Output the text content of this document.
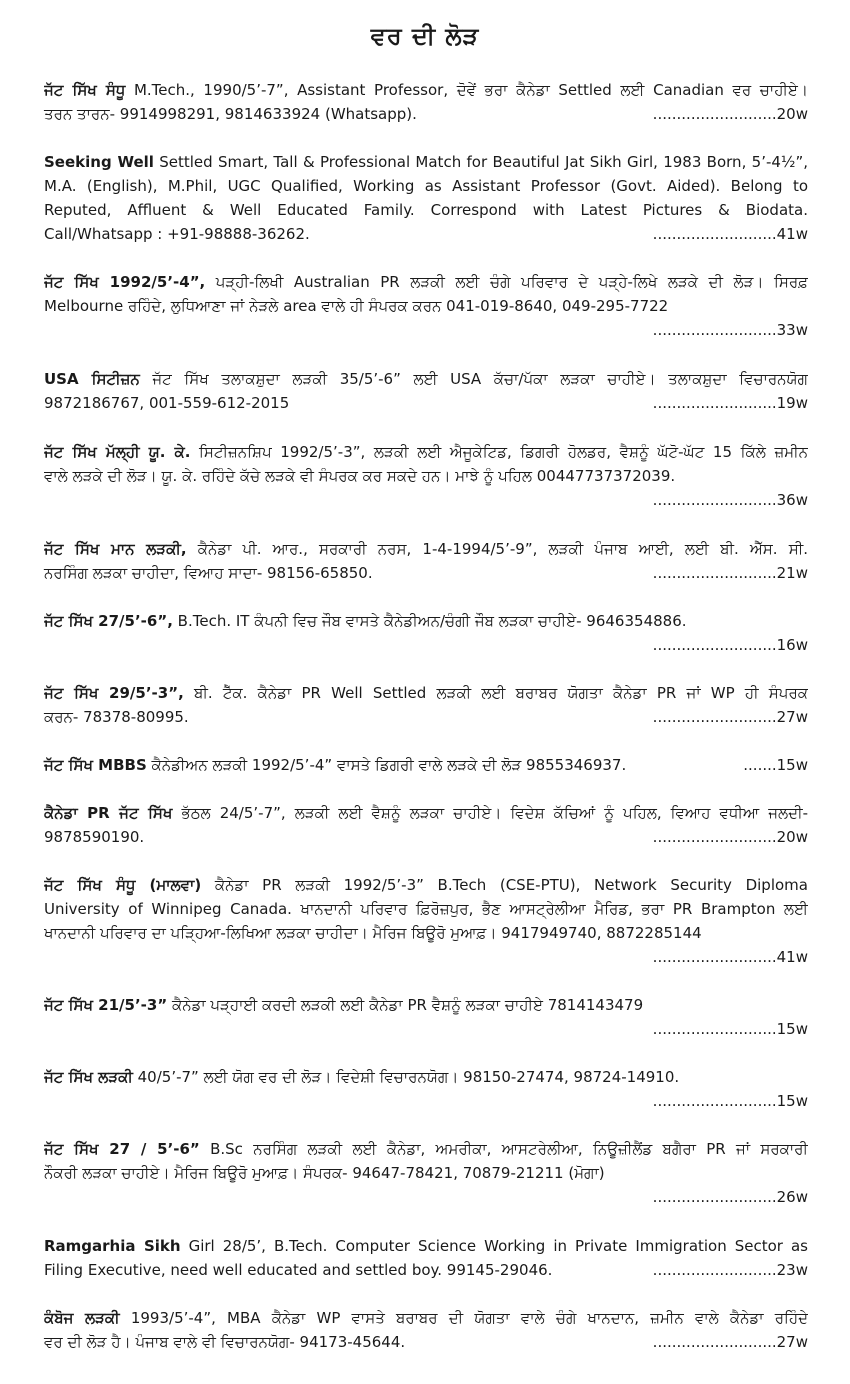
ਵਰ ਦੀ ਲੋੜ
ਜੱਟ ਸਿੱਖ ਸੰਧੂ M.Tech., 1990/5’-7”, Assistant Professor, ਦੋਵੇਂ ਭਰਾ ਕੈਨੇਡਾ Settled ਲਈ Canadian ਵਰ ਚਾਹੀਏ।
ਤਰਨ ਤਾਰਨ- 9914998291, 9814633924 (Whatsapp).	..........................20w
Seeking Well Settled Smart, Tall & Professional Match for Beautiful Jat Sikh Girl, 1983 Born, 5’-4½”,
M.A. (English), M.Phil, UGC Qualified, Working as Assistant Professor (Govt. Aided). Belong to
Reputed, Affluent & Well Educated Family. Correspond with Latest Pictures & Biodata.
Call/Whatsapp : +91-98888-36262.	..........................41w
ਜੱਟ ਸਿੱਖ 1992/5’-4”, ਪੜ੍ਹੀ-ਲਿਖੀ Australian PR ਲੜਕੀ ਲਈ ਚੰਗੇ ਪਰਿਵਾਰ ਦੇ ਪੜ੍ਹੇ-ਲਿਖੇ ਲੜਕੇ ਦੀ ਲੋੜ। ਸਿਰਫ਼
Melbourne ਰਹਿੰਦੇ, ਲੁਧਿਆਣਾ ਜਾਂ ਨੇੜਲੇ area ਵਾਲੇ ਹੀ ਸੰਪਰਕ ਕਰਨ 041-019-8640, 049-295-7722
..........................33w
USA ਸਿਟੀਜ਼ਨ ਜੱਟ ਸਿੱਖ ਤਲਾਕਸ਼ੁਦਾ ਲੜਕੀ 35/5’-6” ਲਈ USA ਕੱਚਾ/ਪੱਕਾ ਲੜਕਾ ਚਾਹੀਏ। ਤਲਾਕਸ਼ੁਦਾ ਵਿਚਾਰਨਯੋਗ
9872186767, 001-559-612-2015	..........................19w
ਜੱਟ ਸਿੱਖ ਮੱਲ੍ਹੀ ਯੂ. ਕੇ. ਸਿਟੀਜ਼ਨਸ਼ਿਪ 1992/5’-3”, ਲੜਕੀ ਲਈ ਐਜੂਕੇਟਿਡ, ਡਿਗਰੀ ਹੋਲਡਰ, ਵੈਸ਼ਨੂੰ ਘੱਟੋ-ਘੱਟ 15 ਕਿੱਲੇ ਜ਼ਮੀਨ
ਵਾਲੇ ਲੜਕੇ ਦੀ ਲੋੜ। ਯੂ. ਕੇ. ਰਹਿੰਦੇ ਕੱਚੇ ਲੜਕੇ ਵੀ ਸੰਪਰਕ ਕਰ ਸਕਦੇ ਹਨ। ਮਾਝੇ ਨੂੰ ਪਹਿਲ 00447737372039.
..........................36w
ਜੱਟ ਸਿੱਖ ਮਾਨ ਲੜਕੀ, ਕੈਨੇਡਾ ਪੀ. ਆਰ., ਸਰਕਾਰੀ ਨਰਸ, 1-4-1994/5’-9”, ਲੜਕੀ ਪੰਜਾਬ ਆਈ, ਲਈ ਬੀ. ਐੱਸ. ਸੀ.
ਨਰਸਿੰਗ ਲੜਕਾ ਚਾਹੀਦਾ, ਵਿਆਹ ਸਾਦਾ- 98156-65850.	..........................21w
ਜੱਟ ਸਿੱਖ 27/5’-6”, B.Tech. IT ਕੰਪਨੀ ਵਿਚ ਜੌਬ ਵਾਸਤੇ ਕੈਨੇਡੀਅਨ/ਚੰਗੀ ਜੌਬ ਲੜਕਾ ਚਾਹੀਏ- 9646354886.
..........................16w
ਜੱਟ ਸਿੱਖ 29/5’-3”, ਬੀ. ਟੈੱਕ. ਕੈਨੇਡਾ PR Well Settled ਲੜਕੀ ਲਈ ਬਰਾਬਰ ਯੋਗਤਾ ਕੈਨੇਡਾ PR ਜਾਂ WP ਹੀ ਸੰਪਰਕ
ਕਰਨ- 78378-80995.	..........................27w
ਜੱਟ ਸਿੱਖ MBBS ਕੈਨੇਡੀਅਨ ਲੜਕੀ 1992/5’-4” ਵਾਸਤੇ ਡਿਗਰੀ ਵਾਲੇ ਲੜਕੇ ਦੀ ਲੋੜ 9855346937.	.......15w
ਕੈਨੇਡਾ PR ਜੱਟ ਸਿੱਖ ਭੱਠਲ 24/5’-7”, ਲੜਕੀ ਲਈ ਵੈਸ਼ਨੂੰ ਲੜਕਾ ਚਾਹੀਏ। ਵਿਦੇਸ਼ ਕੱਚਿਆਂ ਨੂੰ ਪਹਿਲ, ਵਿਆਹ ਵਧੀਆ ਜਲਦੀ-
9878590190.	..........................20w
ਜੱਟ ਸਿੱਖ ਸੰਧੂ (ਮਾਲਵਾ) ਕੈਨੇਡਾ PR ਲੜਕੀ 1992/5’-3” B.Tech (CSE-PTU), Network Security Diploma
University of Winnipeg Canada. ਖਾਨਦਾਨੀ ਪਰਿਵਾਰ ਫ਼ਿਰੋਜ਼ਪੁਰ, ਭੈਣ ਆਸਟ੍ਰੇਲੀਆ ਮੈਰਿਡ, ਭਰਾ PR Brampton ਲਈ
ਖਾਨਦਾਨੀ ਪਰਿਵਾਰ ਦਾ ਪੜ੍ਹਿਆ-ਲਿਖਿਆ ਲੜਕਾ ਚਾਹੀਦਾ। ਮੈਰਿਜ ਬਿਊਰੋ ਮੁਆਫ਼। 9417949740, 8872285144
..........................41w
ਜੱਟ ਸਿੱਖ 21/5’-3” ਕੈਨੇਡਾ ਪੜ੍ਹਾਈ ਕਰਦੀ ਲੜਕੀ ਲਈ ਕੈਨੇਡਾ PR ਵੈਸ਼ਨੂੰ ਲੜਕਾ ਚਾਹੀਏ 7814143479
..........................15w
ਜੱਟ ਸਿੱਖ ਲੜਕੀ 40/5’-7” ਲਈ ਯੋਗ ਵਰ ਦੀ ਲੋੜ। ਵਿਦੇਸ਼ੀ ਵਿਚਾਰਨਯੋਗ। 98150-27474, 98724-14910.
..........................15w
ਜੱਟ ਸਿੱਖ 27 / 5’-6” B.Sc ਨਰਸਿੰਗ ਲੜਕੀ ਲਈ ਕੈਨੇਡਾ, ਅਮਰੀਕਾ, ਆਸਟਰੇਲੀਆ, ਨਿਊਜ਼ੀਲੈਂਡ ਬਗੈਰਾ PR ਜਾਂ ਸਰਕਾਰੀ
ਨੌਕਰੀ ਲੜਕਾ ਚਾਹੀਏ। ਮੈਰਿਜ ਬਿਊਰੋ ਮੁਆਫ਼। ਸੰਪਰਕ- 94647-78421, 70879-21211 (ਮੋਗਾ)
..........................26w
Ramgarhia Sikh Girl 28/5’, B.Tech. Computer Science Working in Private Immigration Sector as
Filing Executive, need well educated and settled boy. 99145-29046.	..........................23w
ਕੰਬੋਜ ਲੜਕੀ 1993/5’-4”, MBA ਕੈਨੇਡਾ WP ਵਾਸਤੇ ਬਰਾਬਰ ਦੀ ਯੋਗਤਾ ਵਾਲੇ ਚੰਗੇ ਖਾਨਦਾਨ, ਜ਼ਮੀਨ ਵਾਲੇ ਕੈਨੇਡਾ ਰਹਿੰਦੇ
ਵਰ ਦੀ ਲੋੜ ਹੈ। ਪੰਜਾਬ ਵਾਲੇ ਵੀ ਵਿਚਾਰਨਯੋਗ- 94173-45644.	..........................27w
